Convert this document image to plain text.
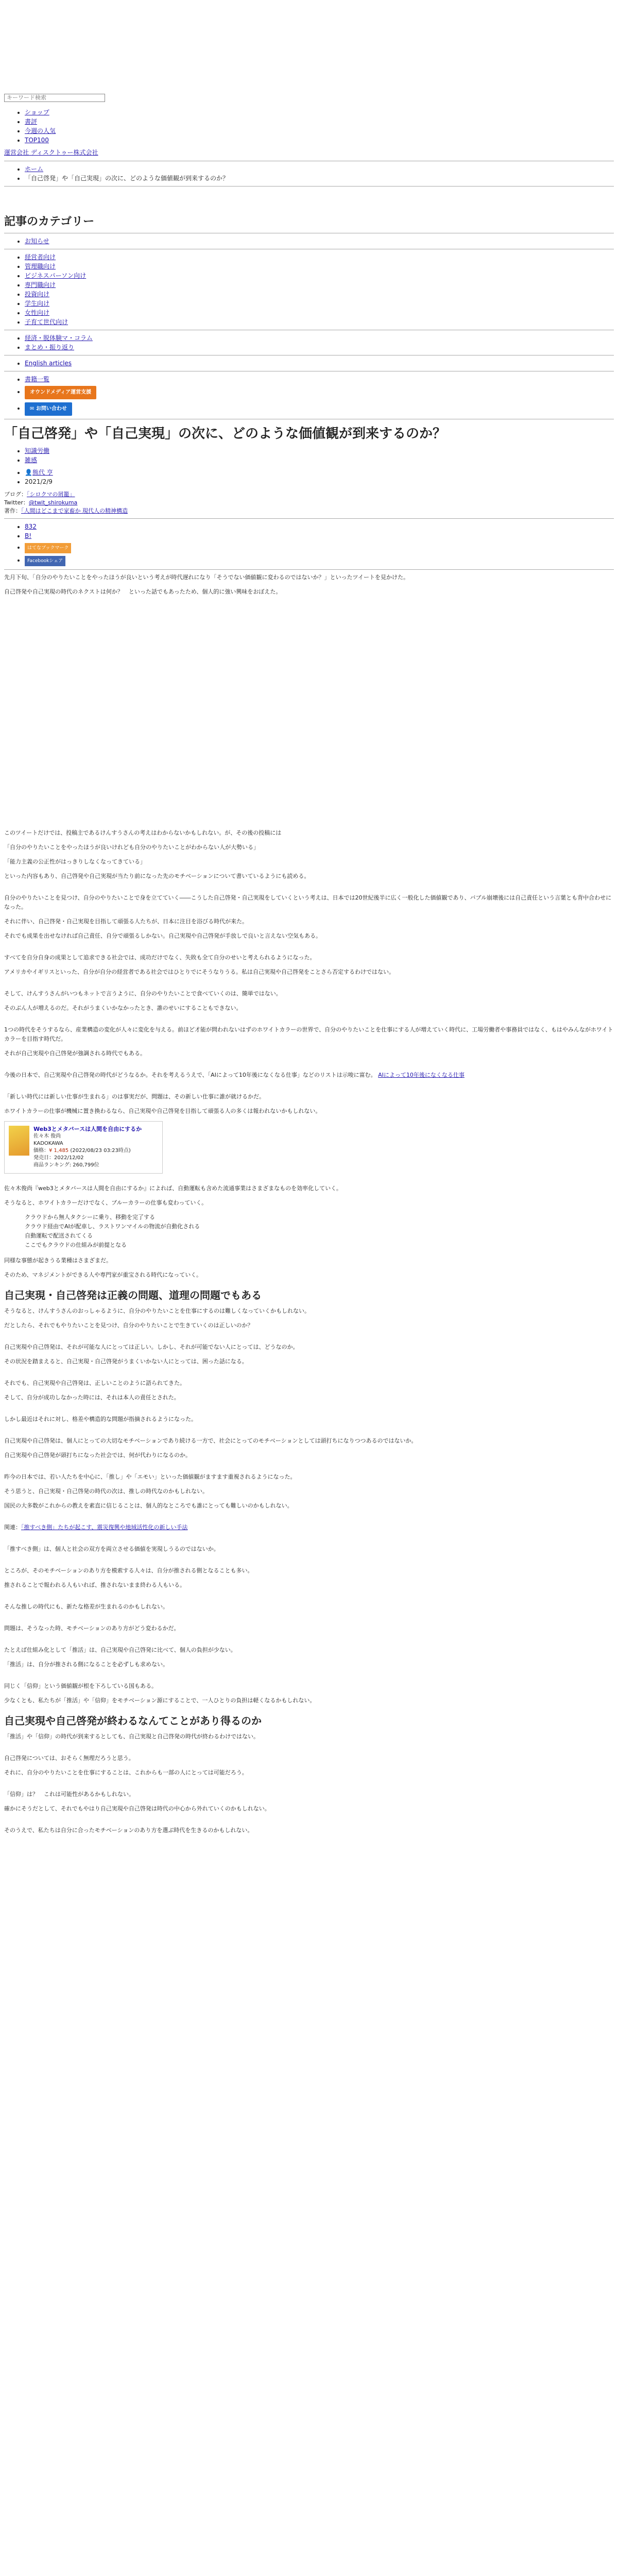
キーワード検索
• ショップ
• 書評
• 今週の人気
• TOP100
運営会社 ディスクトゥー株式会社
• ホーム
• 「自己啓発」や「自己実現」の次に、どのような価値観が到来するのか？
記事のカテゴリー
• お知らせ
• 経営者向け
• 管理職向け
• ビジネスパーソン向け
• 専門職向け
• 投資向け
• 学生向け
• 女性向け
• 子育て世代向け
• 経済・脱体験マ・コラム
• まとめ・振り返り
• English articles
• 書籍一覧
• オウンドメディア運営支援
• ✉ お問い合わせ
「自己啓発」や「自己実現」の次に、どのような価値観が到来するのか？
• 知識労働
• 雑感
• 👤熊代 亨
• 2021/2/9
ブログ：「シロクマの屑籠」
Twitter：@twit_shirokuma
著作：「人間はどこまで家畜か 現代人の精神構造
• 832
• B!
• はてなブックマーク
• Facebookシェア

先月下旬、「自分のやりたいことをやったほうが良いという考えが時代遅れになり「そうでない価値観に変わるのではないか？」といったツイートを見かけた。

自己啓発や自己実現の時代のネクストは何か？　といった話でもあったため、個人的に強い興味をおぼえた。

このツイートだけでは、投稿主であるけんすうさんの考えはわからないかもしれない。が、その後の投稿には

「自分のやりたいことをやったほうが良いけれども自分のやりたいことがわからない人が大勢いる」

「能力主義の公正性がはっきりしなくなってきている」

といった内容もあり、自己啓発や自己実現が当たり前になった先のモチベーションについて書いているようにも読める。

自分のやりたいことを見つけ、自分のやりたいことで身を立てていく――こうした自己啓発・自己実現をしていくという考えは、日本では20世紀後半に広く一般化した価値観であり、バブル崩壊後には自己責任という言葉とも背中合わせになった。

それに伴い、自己啓発・自己実現を目指して頑張る人たちが、日本に注目を浴びる時代が来た。

それでも成果を出せなければ自己責任、自分で頑張るしかない。自己実現や自己啓発が手放しで良いと言えない空気もある。

すべてを自分自身の成果として追求できる社会では、成功だけでなく、失敗も全て自分のせいと考えられるようになった。

アメリカやイギリスといった、自分が自分の経営者である社会ではひとりでにそうなりうる。私は自己実現や自己啓発をことさら否定するわけではない。

そして、けんすうさんがいつもネットで言うように、自分のやりたいことで食べていくのは、簡単ではない。

そのぶん人が増えるのだ。それがうまくいかなかったとき、誰のせいにすることもできない。

1つの時代をそうするなら、産業構造の変化が人々に変化を与える。前ほど才能が問われないはずのホワイトカラーの世界で、自分のやりたいことを仕事にする人が増えていく時代に、工場労働者や事務員ではなく、もはやみんながホワイトカラーを目指す時代だ。

それが自己実現や自己啓発が強調される時代でもある。

今後の日本で、自己実現や自己啓発の時代がどうなるか。それを考えるうえで、「AIによって10年後になくなる仕事」などのリストは示唆に富む。 AIによって10年後になくなる仕事

「新しい時代には新しい仕事が生まれる」のは事実だが、問題は、その新しい仕事に誰が就けるかだ。

ホワイトカラーの仕事が機械に置き換わるなら、自己実現や自己啓発を目指して頑張る人の多くは報われないかもしれない。

Web3とメタバースは人間を自由にするか
佐々木 俊尚
KADOKAWA
価格：¥ 1,485 (2022/08/23 03:23時点)
発売日：2022/12/02
商品ランキング: 260,799位

佐々木俊尚『web3とメタバースは人間を自由にするか』によれば、自動運転も含めた流通事業はさまざまなものを効率化していく。

そうなると、ホワイトカラーだけでなく、ブルーカラーの仕事も変わっていく。

クラウドから無人タクシーに乗り、移動を完了する
クラウド経由でAIが配車し、ラストワンマイルの物流が自動化される
自動運転で配送されてくる
ここでもクラウドの仕組みが前提となる

同様な事態が起きうる業種はさまざまだ。

そのため、マネジメントができる人や専門家が重宝される時代になっていく。

自己実現・自己啓発は正義の問題、道理の問題でもある

そうなると、けんすうさんのおっしゃるように、自分のやりたいことを仕事にするのは難しくなっていくかもしれない。

だとしたら、それでもやりたいことを見つけ、自分のやりたいことで生きていくのは正しいのか？

自己実現や自己啓発は、それが可能な人にとっては正しい。しかし、それが可能でない人にとっては、どうなのか。

その状況を踏まえると、自己実現・自己啓発がうまくいかない人にとっては、困った話になる。

それでも、自己実現や自己啓発は、正しいことのように語られてきた。

そして、自分が成功しなかった時には、それは本人の責任とされた。

しかし最近はそれに対し、格差や構造的な問題が指摘されるようになった。

自己実現や自己啓発は、個人にとっての大切なモチベーションであり続ける一方で、社会にとってのモチベーションとしては頭打ちになりつつあるのではないか。

自己実現や自己啓発が頭打ちになった社会では、何が代わりになるのか。

昨今の日本では、若い人たちを中心に、「推し」や「エモい」といった価値観がますます重視されるようになった。

そう思うと、自己実現・自己啓発の時代の次は、推しの時代なのかもしれない。

国民の大多数がこれからの教えを素直に信じることは、個人的なところでも誰にとっても難しいのかもしれない。

関連：「推すべき側」たちが起こす、震災復興や地域活性化の新しい手法

「推すべき側」は、個人と社会の双方を両立させる価値を実現しうるのではないか。

ところが、そのモチベーションのあり方を模索する人々は、自分が推される側となることも多い。

推されることで報われる人もいれば、推されないまま終わる人もいる。

そんな推しの時代にも、新たな格差が生まれるのかもしれない。

問題は、そうなった時、モチベーションのあり方がどう変わるかだ。

たとえば仕組み化として「推活」は、自己実現や自己啓発に比べて、個人の負担が少ない。

「推活」は、自分が推される側になることを必ずしも求めない。

同じく「信仰」という価値観が根を下ろしている国もある。

少なくとも、私たちが「推活」や「信仰」をモチベーション源にすることで、一人ひとりの負担は軽くなるかもしれない。

自己実現や自己啓発が終わるなんてことがあり得るのか

「推活」や「信仰」の時代が到来するとしても、自己実現と自己啓発の時代が終わるわけではない。

自己啓発については、おそらく無理だろうと思う。

それに、自分のやりたいことを仕事にすることは、これからも一部の人にとっては可能だろう。

「信仰」は？　これは可能性があるかもしれない。

確かにそうだとして、それでもやはり自己実現や自己啓発は時代の中心から外れていくのかもしれない。

そのうえで、私たちは自分に合ったモチベーションのあり方を選ぶ時代を生きるのかもしれない。
